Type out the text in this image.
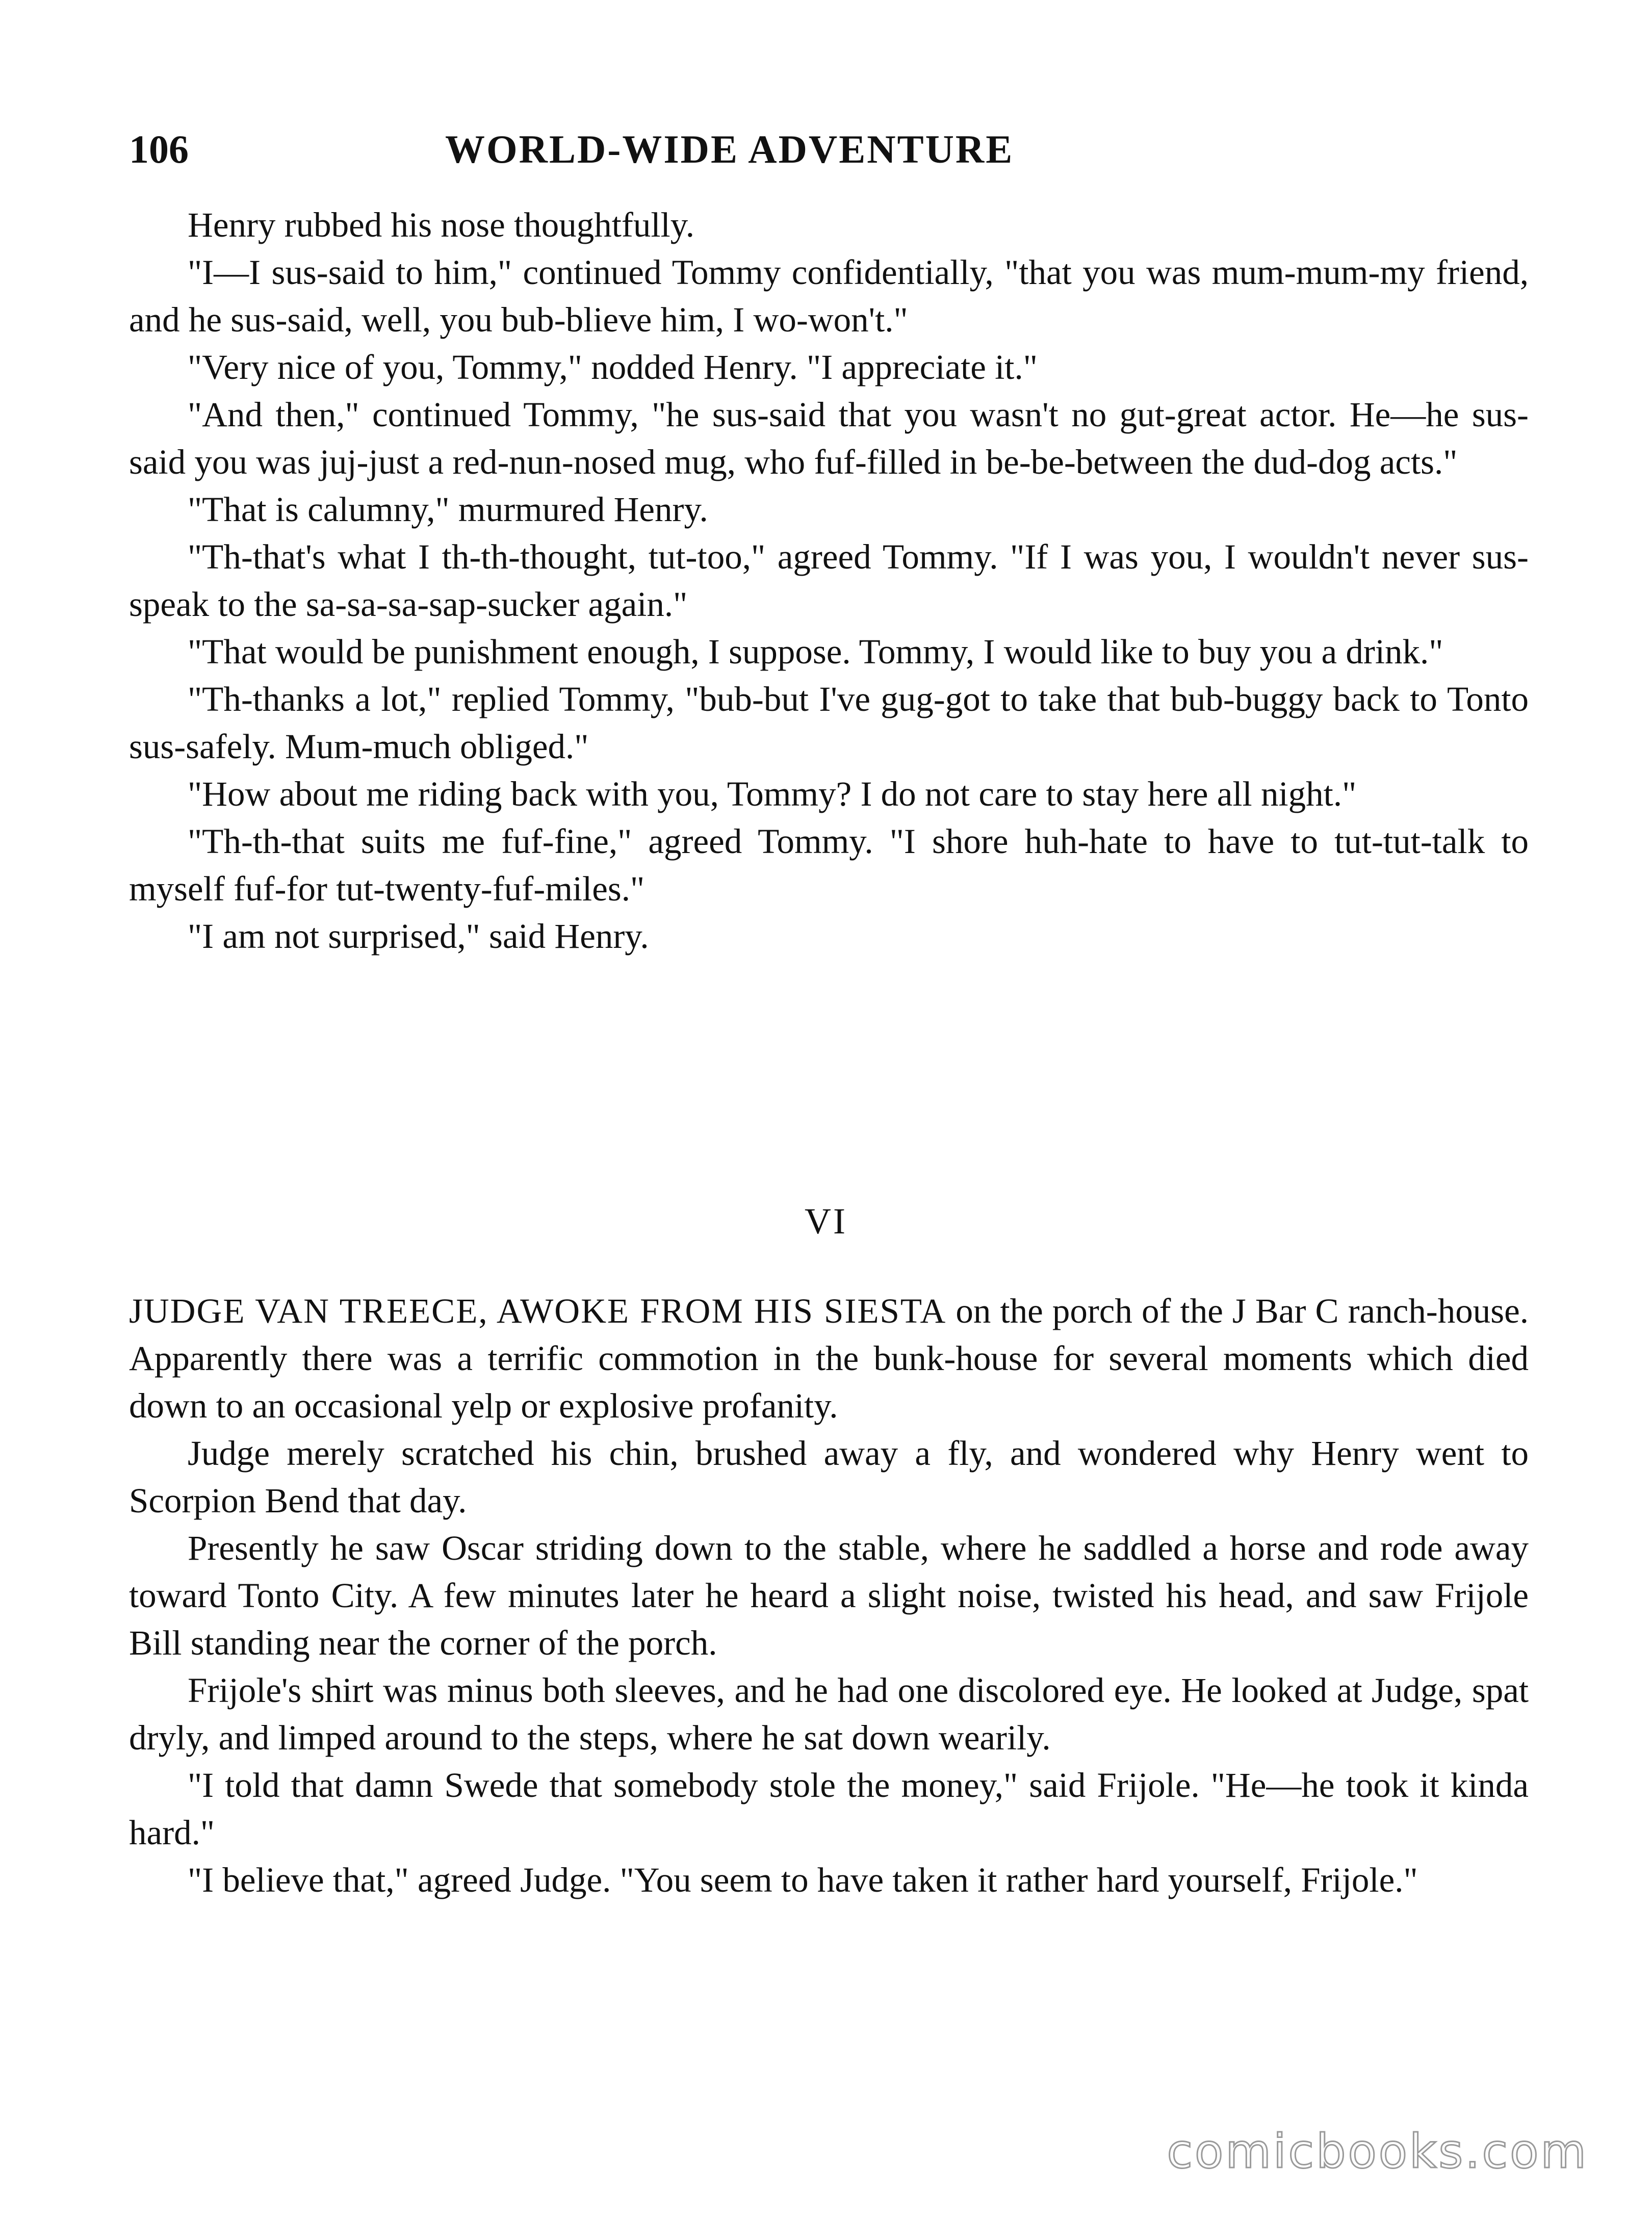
106	WORLD-WIDE ADVENTURE

Henry rubbed his nose thoughtfully.

"I—I sus-said to him," continued Tommy confidentially, "that you was mum-mum-my friend, and he sus-said, well, you bub-blieve him, I wo-won't."

"Very nice of you, Tommy," nodded Henry. "I appreciate it."

"And then," continued Tommy, "he sus-said that you wasn't no gut-great actor. He—he sus-said you was juj-just a red-nun-nosed mug, who fuf-filled in be-be-between the dud-dog acts."

"That is calumny," murmured Henry.

"Th-that's what I th-th-thought, tut-too," agreed Tommy. "If I was you, I wouldn't never sus-speak to the sa-sa-sa-sap-sucker again."

"That would be punishment enough, I suppose. Tommy, I would like to buy you a drink."

"Th-thanks a lot," replied Tommy, "bub-but I've gug-got to take that bub-buggy back to Tonto sus-safely. Mum-much obliged."

"How about me riding back with you, Tommy? I do not care to stay here all night."

"Th-th-that suits me fuf-fine," agreed Tommy. "I shore huh-hate to have to tut-tut-talk to myself fuf-for tut-twenty-fuf-miles."

"I am not surprised," said Henry.

VI

JUDGE VAN TREECE, AWOKE FROM HIS SIESTA on the porch of the J Bar C ranch-house. Apparently there was a terrific commotion in the bunk-house for several moments which died down to an occasional yelp or explosive profanity.

Judge merely scratched his chin, brushed away a fly, and wondered why Henry went to Scorpion Bend that day.

Presently he saw Oscar striding down to the stable, where he saddled a horse and rode away toward Tonto City. A few minutes later he heard a slight noise, twisted his head, and saw Frijole Bill standing near the corner of the porch.

Frijole's shirt was minus both sleeves, and he had one discolored eye. He looked at Judge, spat dryly, and limped around to the steps, where he sat down wearily.

"I told that damn Swede that somebody stole the money," said Frijole. "He—he took it kinda hard."

"I believe that," agreed Judge. "You seem to have taken it rather hard yourself, Frijole."

comicbooks.com
